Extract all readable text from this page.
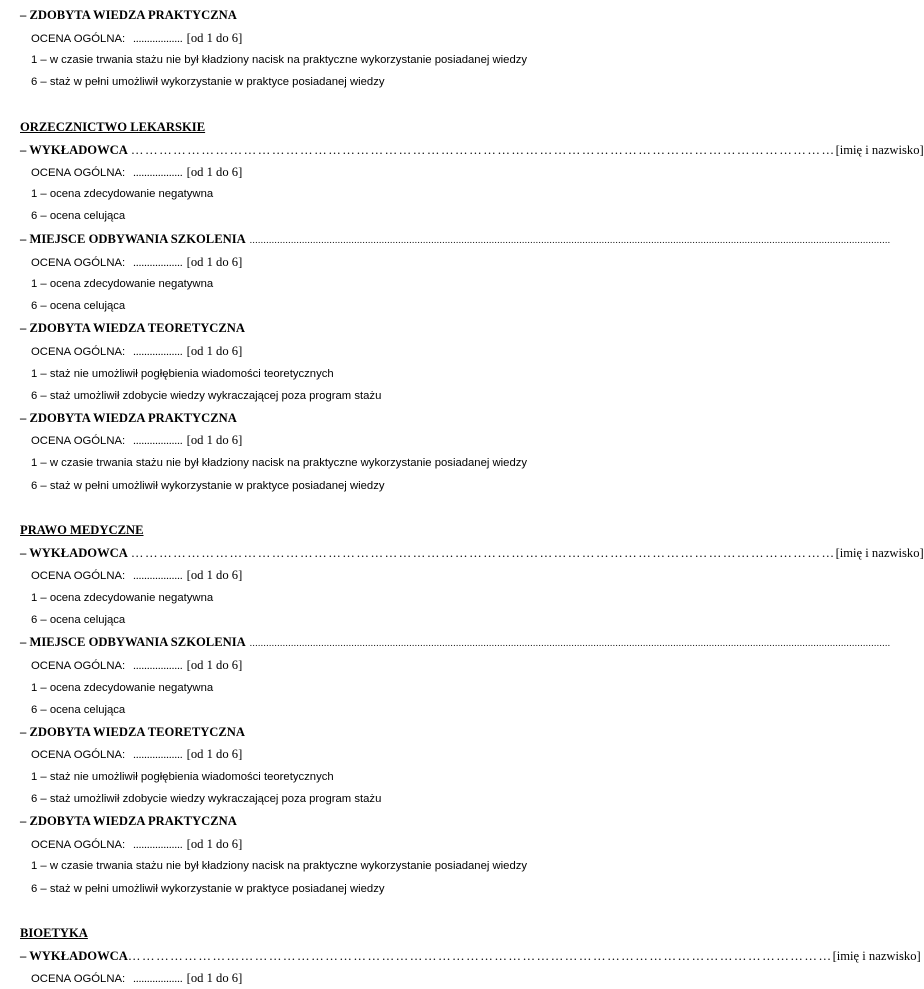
– ZDOBYTA WIEDZA PRAKTYCZNA
OCENA OGÓLNA: .................. [od 1 do 6]
1 – w czasie trwania stażu nie był kładziony nacisk na praktyczne wykorzystanie posiadanej wiedzy
6 – staż w pełni umożliwił wykorzystanie w praktyce posiadanej wiedzy
ORZECZNICTWO LEKARSKIE
– WYKŁADOWCA …………………………………………………………………………………………………………………………………… [imię i nazwisko]
OCENA OGÓLNA: .................. [od 1 do 6]
1 – ocena zdecydowanie negatywna
6 – ocena celująca
– MIEJSCE ODBYWANIA SZKOLENIA .........................................................................................................................................................................................................................................
OCENA OGÓLNA: .................. [od 1 do 6]
1 – ocena zdecydowanie negatywna
6 – ocena celująca
– ZDOBYTA WIEDZA TEORETYCZNA
OCENA OGÓLNA: .................. [od 1 do 6]
1 – staż nie umożliwił pogłębienia wiadomości teoretycznych
6 – staż umożliwił zdobycie wiedzy wykraczającej poza program stażu
– ZDOBYTA WIEDZA PRAKTYCZNA
OCENA OGÓLNA: .................. [od 1 do 6]
1 – w czasie trwania stażu nie był kładziony nacisk na praktyczne wykorzystanie posiadanej wiedzy
6 – staż w pełni umożliwił wykorzystanie w praktyce posiadanej wiedzy
PRAWO MEDYCZNE
– WYKŁADOWCA …………………………………………………………………………………………………………………………………… [imię i nazwisko]
OCENA OGÓLNA: .................. [od 1 do 6]
1 – ocena zdecydowanie negatywna
6 – ocena celująca
– MIEJSCE ODBYWANIA SZKOLENIA .........................................................................................................................................................................................................................................
OCENA OGÓLNA: .................. [od 1 do 6]
1 – ocena zdecydowanie negatywna
6 – ocena celująca
– ZDOBYTA WIEDZA TEORETYCZNA
OCENA OGÓLNA: .................. [od 1 do 6]
1 – staż nie umożliwił pogłębienia wiadomości teoretycznych
6 – staż umożliwił zdobycie wiedzy wykraczającej poza program stażu
– ZDOBYTA WIEDZA PRAKTYCZNA
OCENA OGÓLNA: .................. [od 1 do 6]
1 – w czasie trwania stażu nie był kładziony nacisk na praktyczne wykorzystanie posiadanej wiedzy
6 – staż w pełni umożliwił wykorzystanie w praktyce posiadanej wiedzy
BIOETYKA
– WYKŁADOWCA …………………………………………………………………………………………………………………………………… [imię i nazwisko]
OCENA OGÓLNA: .................. [od 1 do 6]
